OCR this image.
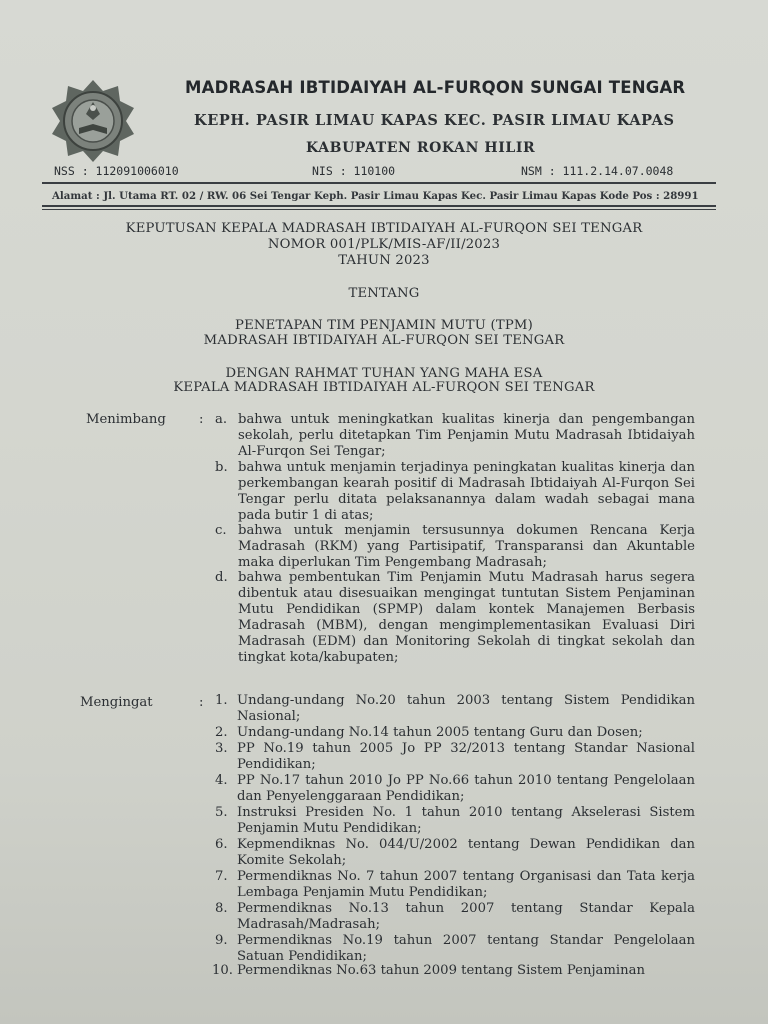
MADRASAH IBTIDAIYAH AL-FURQON SUNGAI TENGAR
KEPH. PASIR LIMAU KAPAS KEC. PASIR LIMAU KAPAS
KABUPATEN ROKAN HILIR
NSS : 112091006010	NIS : 110100	NSM : 111.2.14.07.0048
Alamat : Jl. Utama RT. 02 / RW. 06 Sei Tengar Keph. Pasir Limau Kapas Kec. Pasir Limau Kapas Kode Pos : 28991
KEPUTUSAN KEPALA MADRASAH IBTIDAIYAH AL-FURQON SEI TENGAR
NOMOR 001/PLK/MIS-AF/II/2023
TAHUN 2023
TENTANG
PENETAPAN TIM PENJAMIN MUTU (TPM)
MADRASAH IBTIDAIYAH AL-FURQON SEI TENGAR
DENGAN RAHMAT TUHAN YANG MAHA ESA
KEPALA MADRASAH IBTIDAIYAH AL-FURQON SEI TENGAR
Menimbang	: a. bahwa untuk meningkatkan kualitas kinerja dan pengembangan sekolah, perlu ditetapkan Tim Penjamin Mutu Madrasah Ibtidaiyah Al-Furqon Sei Tengar;
b. bahwa untuk menjamin terjadinya peningkatan kualitas kinerja dan perkembangan kearah positif di Madrasah Ibtidaiyah Al-Furqon Sei Tengar perlu ditata pelaksanannya dalam wadah sebagai mana pada butir 1 di atas;
c. bahwa untuk menjamin tersusunnya dokumen Rencana Kerja Madrasah (RKM) yang Partisipatif, Transparansi dan Akuntable maka diperlukan Tim Pengembang Madrasah;
d. bahwa pembentukan Tim Penjamin Mutu Madrasah harus segera dibentuk atau disesuaikan mengingat tuntutan Sistem Penjaminan Mutu Pendidikan (SPMP) dalam kontek Manajemen Berbasis Madrasah (MBM), dengan mengimplementasikan Evaluasi Diri Madrasah (EDM) dan Monitoring Sekolah di tingkat sekolah dan tingkat kota/kabupaten;
Mengingat	: 1. Undang-undang No.20 tahun 2003 tentang Sistem Pendidikan Nasional;
2. Undang-undang No.14 tahun 2005 tentang Guru dan Dosen;
3. PP No.19 tahun 2005 Jo PP 32/2013 tentang Standar Nasional Pendidikan;
4. PP No.17 tahun 2010 Jo PP No.66 tahun 2010 tentang Pengelolaan dan Penyelenggaraan Pendidikan;
5. Instruksi Presiden No. 1 tahun 2010 tentang Akselerasi Sistem Penjamin Mutu Pendidikan;
6. Kepmendiknas No. 044/U/2002 tentang Dewan Pendidikan dan Komite Sekolah;
7. Permendiknas No. 7 tahun 2007 tentang Organisasi dan Tata kerja Lembaga Penjamin Mutu Pendidikan;
8. Permendiknas No.13 tahun 2007 tentang Standar Kepala Madrasah/Madrasah;
9. Permendiknas No.19 tahun 2007 tentang Standar Pengelolaan Satuan Pendidikan;
10. Permendiknas No.63 tahun 2009 tentang Sistem Penjaminan
